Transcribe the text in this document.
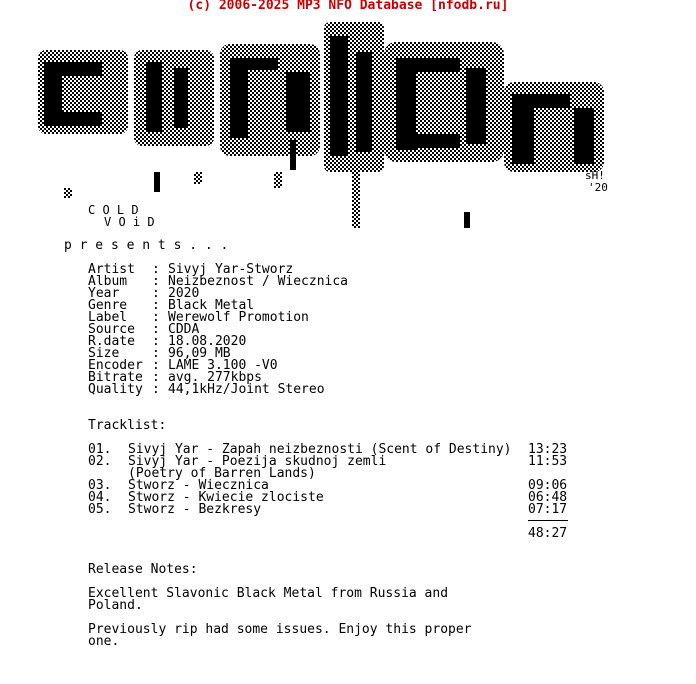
(c) 2006-2025 MP3 NFO Database [nfodb.ru]
sH!
'20
C O L D
V O i D
p r e s e n t s . . .
Artist : Sivyj Yar-Stworz
Album : Neizbeznost / Wiecznica
Year	: 2020
Genre : Black Metal
Label : Werewolf Promotion
Source : CDDA
R.date : 18.08.2020
Size	: 96,09 MB
Encoder : LAME 3.100 -V0
Bitrate : avg. 277kbps
Quality : 44,1kHz/Joint Stereo
Tracklist:
01. Sivyj Yar - Zapah neizbeznosti (Scent of Destiny) 13:23
02. Sivyj Yar - Poezija skudnoj zemli	11:53
(Poetry of Barren Lands)
03. Stworz - Wiecznica	09:06
04. Stworz - Kwiecie zlociste	06:48
05. Stworz - Bezkresy	07:17
48:27
Release Notes:
Excellent Slavonic Black Metal from Russia and
Poland.
Previously rip had some issues. Enjoy this proper
one.
